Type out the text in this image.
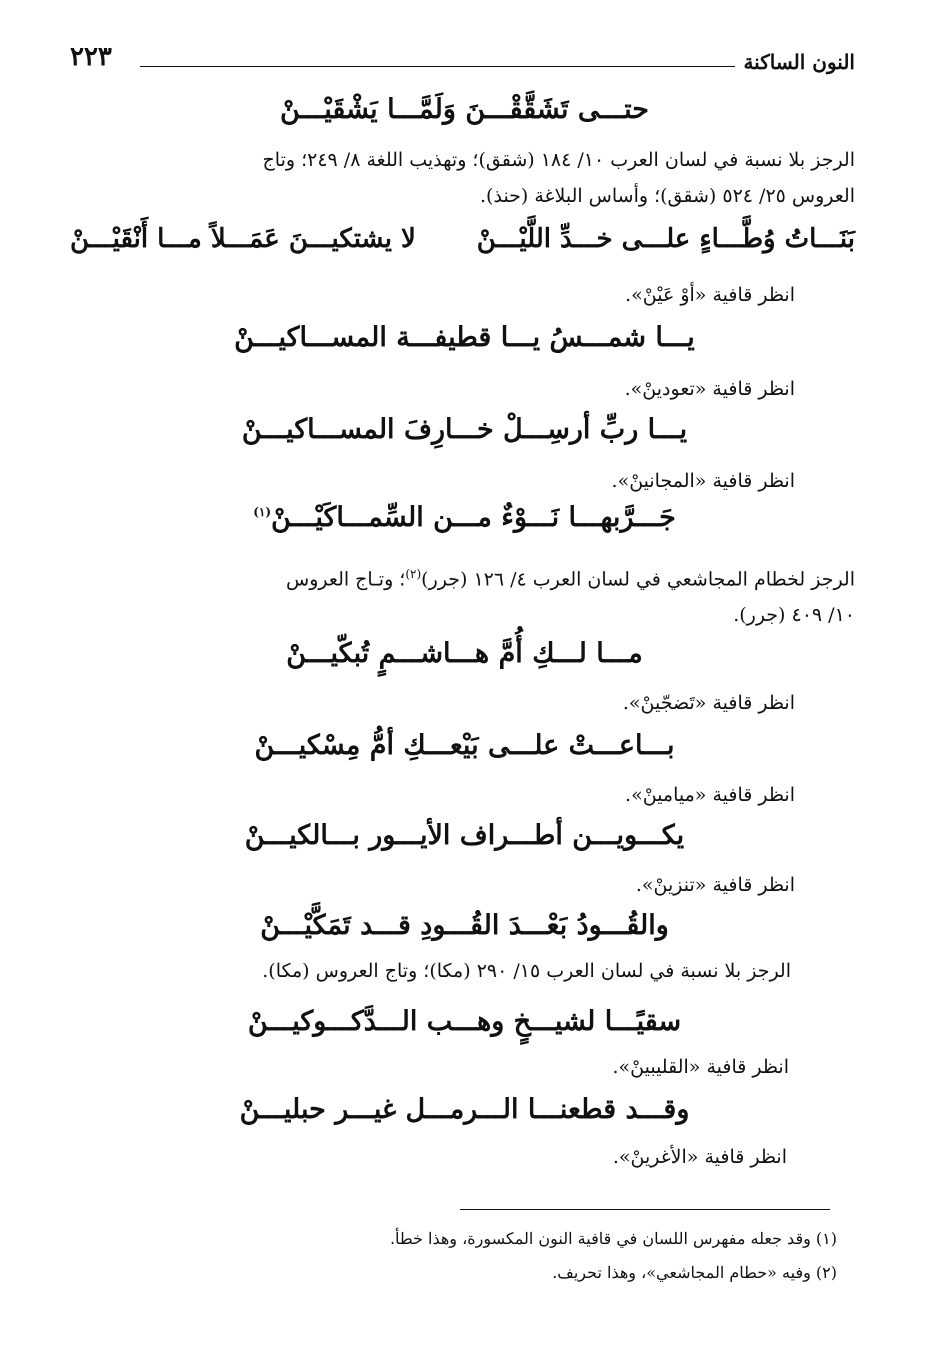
النون الساكنة
٢٢٣
حتـــى تَشَقَّقْـــنَ وَلَمَّـــا يَشْقَيْـــنْ
الرجز بلا نسبة في لسان العرب ١٠/ ١٨٤ (شقق)؛ وتهذيب اللغة ٨/ ٢٤٩؛ وتاج
العروس ٢٥/ ٥٢٤ (شقق)؛ وأساس البلاغة (حنذ).
بَنَـــاتُ وُطَّـــاءٍ علـــى خـــدِّ اللَّيْـــنْ
لا يشتكيـــنَ عَمَـــلاً مـــا أَنْقَيْـــنْ
انظر قافية «أوْ عَيْنْ».
يـــا شمـــسُ يـــا قطيفـــة المســـاكيـــنْ
انظر قافية «تعودينْ».
يـــا ربِّ أرسِـــلْ خـــارِفَ المســـاكيـــنْ
انظر قافية «المجانينْ».
جَـــرَّبهـــا نَـــوْءٌ مـــن السِّمـــاكَيْـــنْ$^{(١)}$
الرجز لخطام المجاشعي في لسان العرب ٤/ ١٢٦ (جرر)$^{(٢)}$؛ وتـاج العروس
١٠/ ٤٠٩ (جرر).
مـــا لـــكِ أُمَّ هـــاشـــمٍ تُبكّيـــنْ
انظر قافية «تَضجّينْ».
بـــاعـــتْ علـــى بَيْعـــكِ أمُّ مِسْكيـــنْ
انظر قافية «ميامينْ».
يكـــويـــن أطـــراف الأيـــور بـــالكيـــنْ
انظر قافية «تنزينْ».
والقُـــودُ بَعْـــدَ القُـــودِ قـــد تَمَكَّيْـــنْ
الرجز بلا نسبة في لسان العرب ١٥/ ٢٩٠ (مكا)؛ وتاج العروس (مكا).
سقيًـــا لشيـــخٍ وهـــب الـــدَّكـــوكيـــنْ
انظر قافية «القليبينْ».
وقـــد قطعنـــا الـــرمـــل غيـــر حبليـــنْ
انظر قافية «الأغرينْ».
(١) وقد جعله مفهرس اللسان في قافية النون المكسورة، وهذا خطأ.
(٢) وفيه «حطام المجاشعي»، وهذا تحريف.
